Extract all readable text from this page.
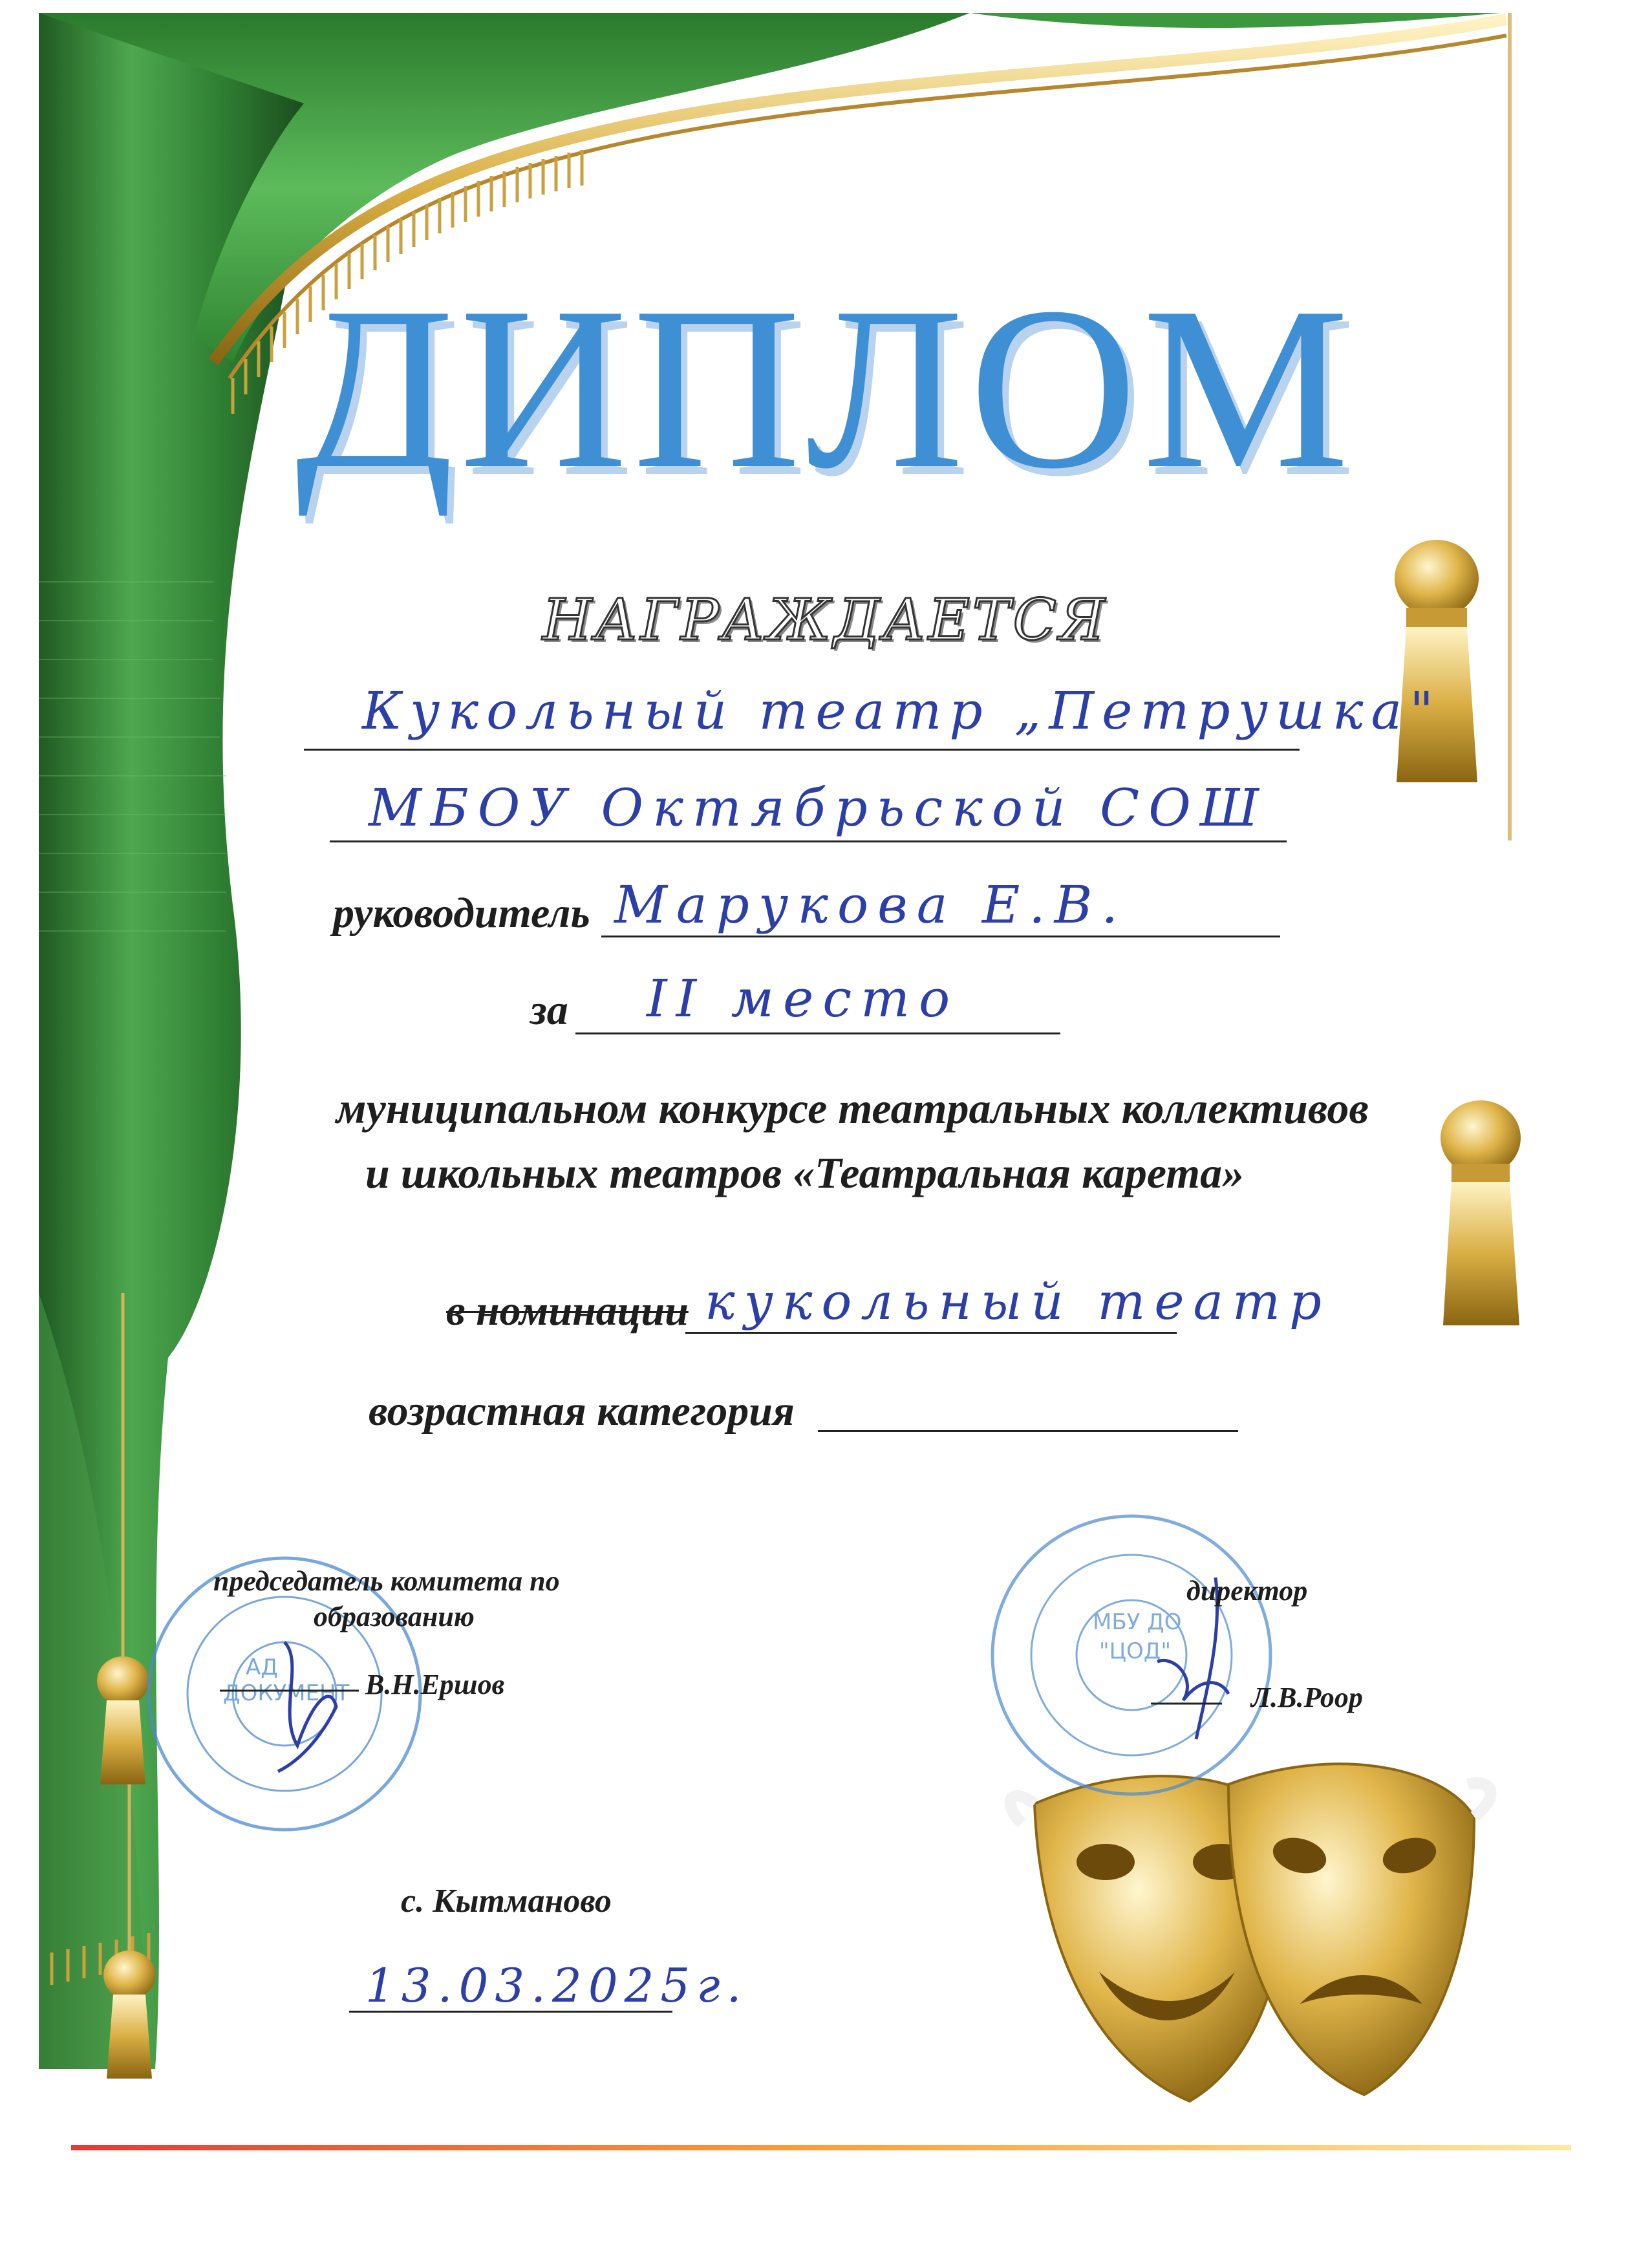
АД
ДОКУМЕНТ
МБУ ДО
"ЦОД"
ДИПЛОМ
НАГРАЖДАЕТСЯ
Кукольный театр „Петрушка"
МБОУ Октябрьской СОШ
руководитель Марукова Е.В.
за II место
муниципальном конкурсе театральных коллективов
и школьных театров «Театральная карета»
в номинации кукольный театр
возрастная категория
председатель комитета по
образованию
В.Н.Ершов
директор
Л.В.Роор
с. Кытманово
13.03.2025г.
